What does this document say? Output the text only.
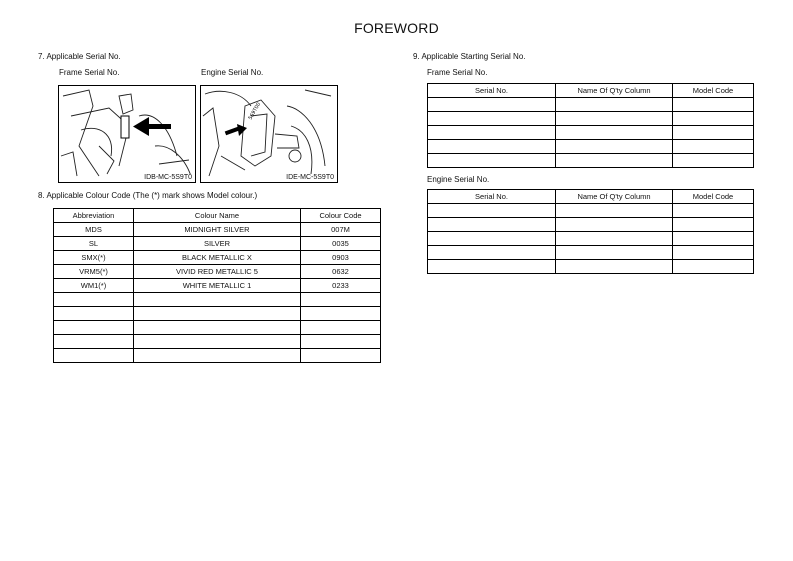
FOREWORD
7. Applicable Serial No.
Frame Serial No.	Engine Serial No.
IDB-MC-5S9T0
5S9T00
IDE-MC-5S9T0
8. Applicable Colour Code (The (*) mark shows Model colour.)
Abbreviation	Colour Name	Colour Code
MDS	MIDNIGHT SILVER	007M
SL	SILVER	0035
SMX(*)	BLACK METALLIC X	0903
VRM5(*)	VIVID RED METALLIC 5	0632
WM1(*)	WHITE METALLIC 1	0233

9. Applicable Starting Serial No.
Frame Serial No.
Serial No.	Name Of Q'ty Column	Model Code

Engine Serial No.
Serial No.	Name Of Q'ty Column	Model Code
